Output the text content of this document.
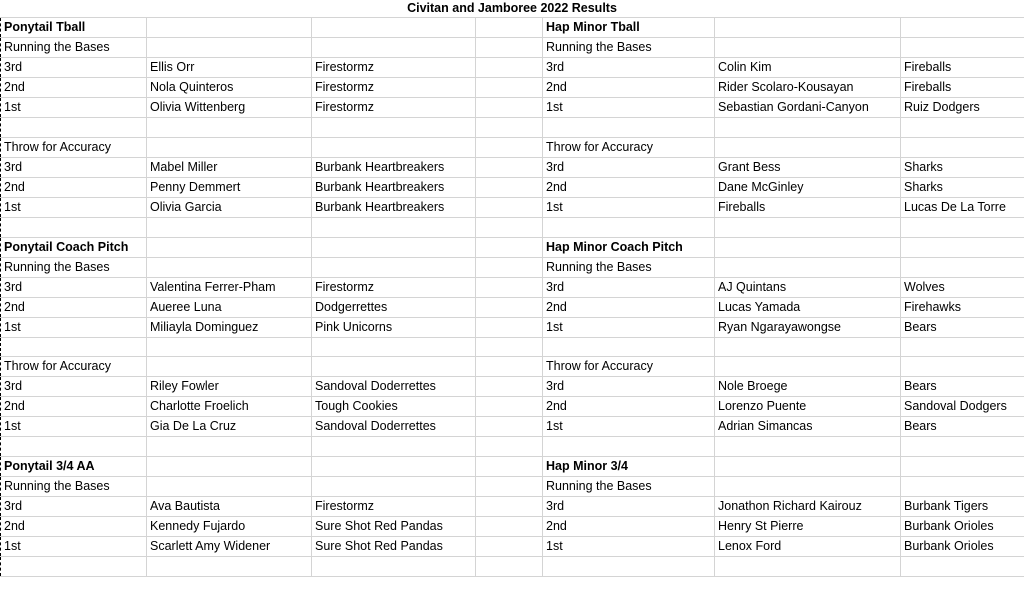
Civitan and Jamboree 2022 Results
Ponytail Tball				Hap Minor Tball		
Running the Bases				Running the Bases		
3rd	Ellis Orr	Firestormz		3rd	Colin Kim	Fireballs
2nd	Nola Quinteros	Firestormz		2nd	Rider Scolaro-Kousayan	Fireballs
1st	Olivia Wittenberg	Firestormz		1st	Sebastian Gordani-Canyon	Ruiz Dodgers

Throw for Accuracy				Throw for Accuracy		
3rd	Mabel Miller	Burbank Heartbreakers		3rd	Grant Bess	Sharks
2nd	Penny Demmert	Burbank Heartbreakers		2nd	Dane McGinley	Sharks
1st	Olivia Garcia	Burbank Heartbreakers		1st	Fireballs	Lucas De La Torre

Ponytail Coach Pitch				Hap Minor Coach Pitch		
Running the Bases				Running the Bases		
3rd	Valentina Ferrer-Pham	Firestormz		3rd	AJ Quintans	Wolves
2nd	Aueree Luna	Dodgerrettes		2nd	Lucas Yamada	Firehawks
1st	Miliayla Dominguez	Pink Unicorns		1st	Ryan Ngarayawongse	Bears

Throw for Accuracy				Throw for Accuracy		
3rd	Riley Fowler	Sandoval Doderrettes		3rd	Nole Broege	Bears
2nd	Charlotte Froelich	Tough Cookies		2nd	Lorenzo Puente	Sandoval Dodgers
1st	Gia De La Cruz	Sandoval Doderrettes		1st	Adrian Simancas	Bears

Ponytail 3/4 AA				Hap Minor 3/4		
Running the Bases				Running the Bases		
3rd	Ava Bautista	Firestormz		3rd	Jonathon Richard Kairouz	Burbank Tigers
2nd	Kennedy Fujardo	Sure Shot Red Pandas		2nd	Henry St Pierre	Burbank Orioles
1st	Scarlett Amy Widener	Sure Shot Red Pandas		1st	Lenox Ford	Burbank Orioles
